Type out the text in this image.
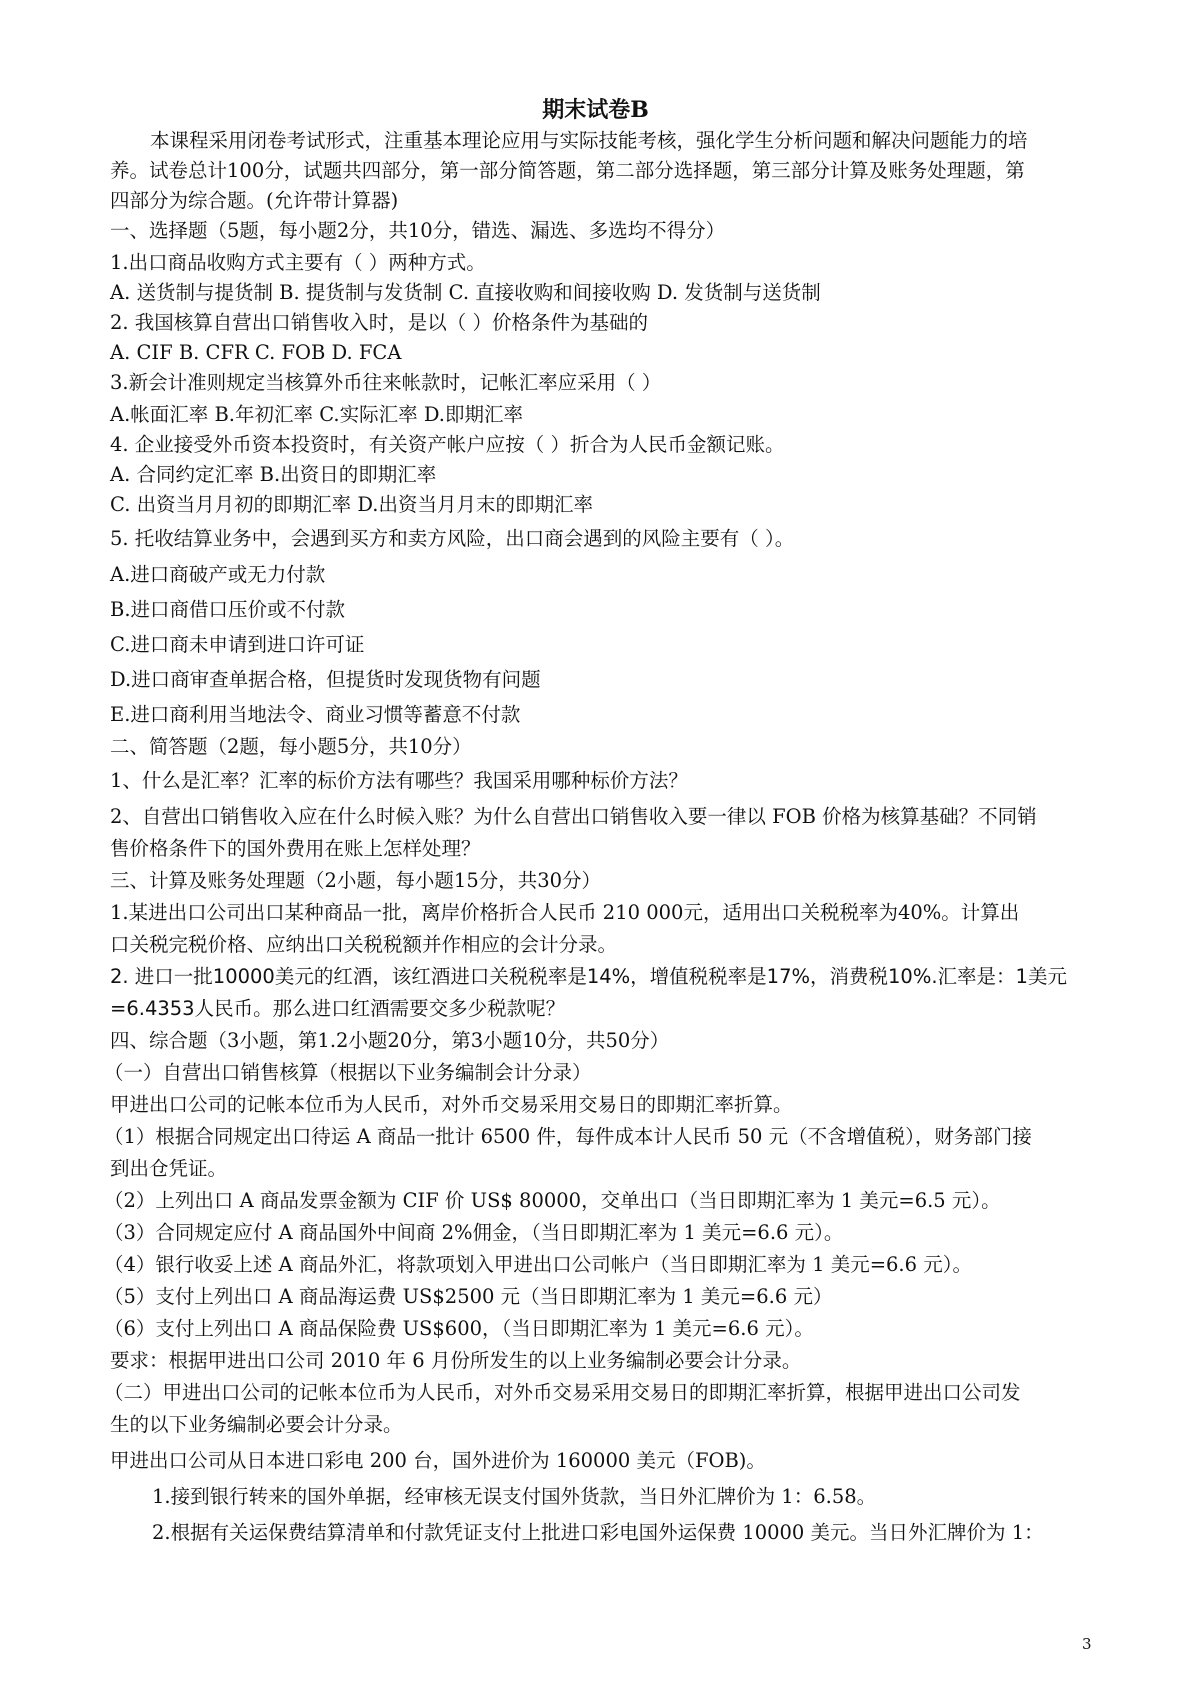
期末试卷B
本课程采用闭卷考试形式，注重基本理论应用与实际技能考核，强化学生分析问题和解决问题能力的培
养。试卷总计100分，试题共四部分，第一部分简答题，第二部分选择题，第三部分计算及账务处理题，第
四部分为综合题。(允许带计算器)
一、选择题（5题，每小题2分，共10分，错选、漏选、多选均不得分）
1.出口商品收购方式主要有（ ）两种方式。
A. 送货制与提货制 B. 提货制与发货制 C. 直接收购和间接收购 D. 发货制与送货制
2. 我国核算自营出口销售收入时，是以（ ）价格条件为基础的
A. CIF B. CFR C. FOB D. FCA
3.新会计准则规定当核算外币往来帐款时，记帐汇率应采用（ ）
A.帐面汇率 B.年初汇率 C.实际汇率 D.即期汇率
4. 企业接受外币资本投资时，有关资产帐户应按（ ）折合为人民币金额记账。
A. 合同约定汇率 B.出资日的即期汇率
C. 出资当月月初的即期汇率 D.出资当月月末的即期汇率
5. 托收结算业务中，会遇到买方和卖方风险，出口商会遇到的风险主要有（ ）。
A.进口商破产或无力付款
B.进口商借口压价或不付款
C.进口商未申请到进口许可证
D.进口商审查单据合格，但提货时发现货物有问题
E.进口商利用当地法令、商业习惯等蓄意不付款
二、简答题（2题，每小题5分，共10分）
1、什么是汇率？汇率的标价方法有哪些？我国采用哪种标价方法？
2、自营出口销售收入应在什么时候入账？为什么自营出口销售收入要一律以 FOB 价格为核算基础？不同销
售价格条件下的国外费用在账上怎样处理？
三、计算及账务处理题（2小题，每小题15分，共30分）
1.某进出口公司出口某种商品一批，离岸价格折合人民币 210 000元，适用出口关税税率为40%。计算出
口关税完税价格、应纳出口关税税额并作相应的会计分录。
2. 进口一批10000美元的红酒，该红酒进口关税税率是14%，增值税税率是17%，消费税10%.汇率是：1美元
=6.4353人民币。那么进口红酒需要交多少税款呢？
四、综合题（3小题，第1.2小题20分，第3小题10分，共50分）
（一）自营出口销售核算（根据以下业务编制会计分录）
甲进出口公司的记帐本位币为人民币，对外币交易采用交易日的即期汇率折算。
（1）根据合同规定出口待运 A 商品一批计 6500 件，每件成本计人民币 50 元（不含增值税），财务部门接
到出仓凭证。
（2）上列出口 A 商品发票金额为 CIF 价 US$ 80000，交单出口（当日即期汇率为 1 美元=6.5 元）。
（3）合同规定应付 A 商品国外中间商 2%佣金，（当日即期汇率为 1 美元=6.6 元）。
（4）银行收妥上述 A 商品外汇，将款项划入甲进出口公司帐户（当日即期汇率为 1 美元=6.6 元）。
（5）支付上列出口 A 商品海运费 US$2500 元（当日即期汇率为 1 美元=6.6 元）
（6）支付上列出口 A 商品保险费 US$600，（当日即期汇率为 1 美元=6.6 元）。
要求：根据甲进出口公司 2010 年 6 月份所发生的以上业务编制必要会计分录。
（二）甲进出口公司的记帐本位币为人民币，对外币交易采用交易日的即期汇率折算，根据甲进出口公司发
生的以下业务编制必要会计分录。
甲进出口公司从日本进口彩电 200 台，国外进价为 160000 美元（FOB)。
1.接到银行转来的国外单据，经审核无误支付国外货款，当日外汇牌价为 1：6.58。
2.根据有关运保费结算清单和付款凭证支付上批进口彩电国外运保费 10000 美元。当日外汇牌价为 1：
3
